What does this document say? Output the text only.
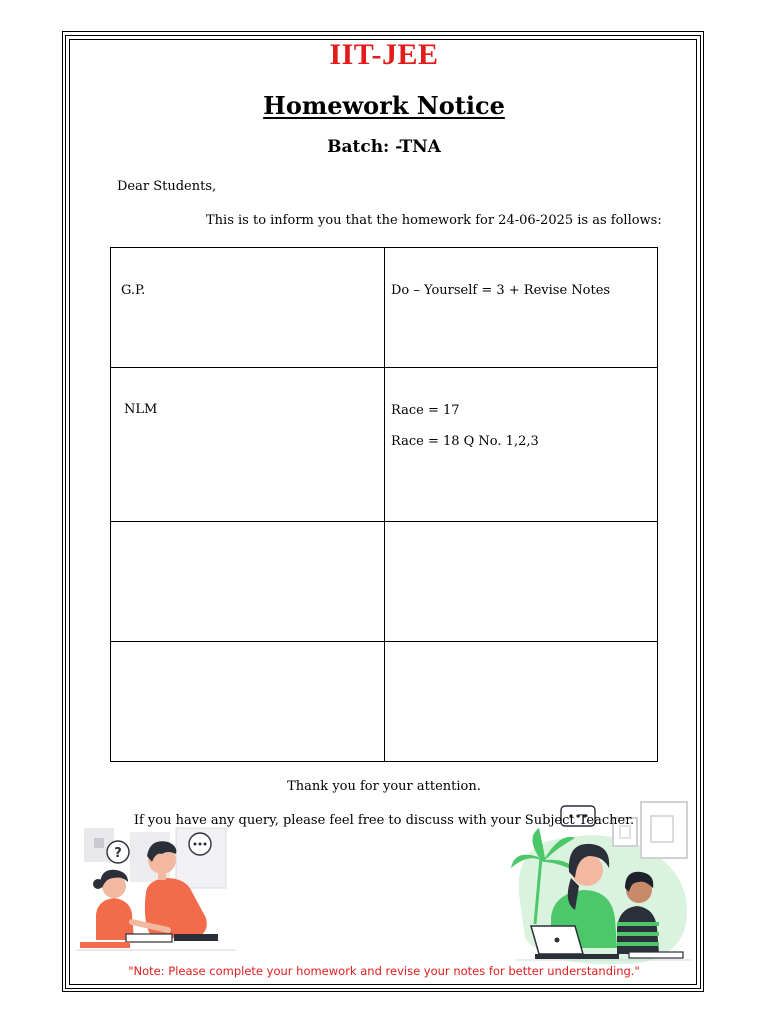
IIT-JEE
Homework Notice
Batch: -TNA
Dear Students,
This is to inform you that the homework for 24-06-2025 is as follows:
G.P.	Do – Yourself = 3 + Revise Notes

NLM	Race = 17
Race = 18 Q No. 1,2,3

Thank you for your attention.
?
If you have any query, please feel free to discuss with your Subject Teacher.
"Note: Please complete your homework and revise your notes for better understanding."
